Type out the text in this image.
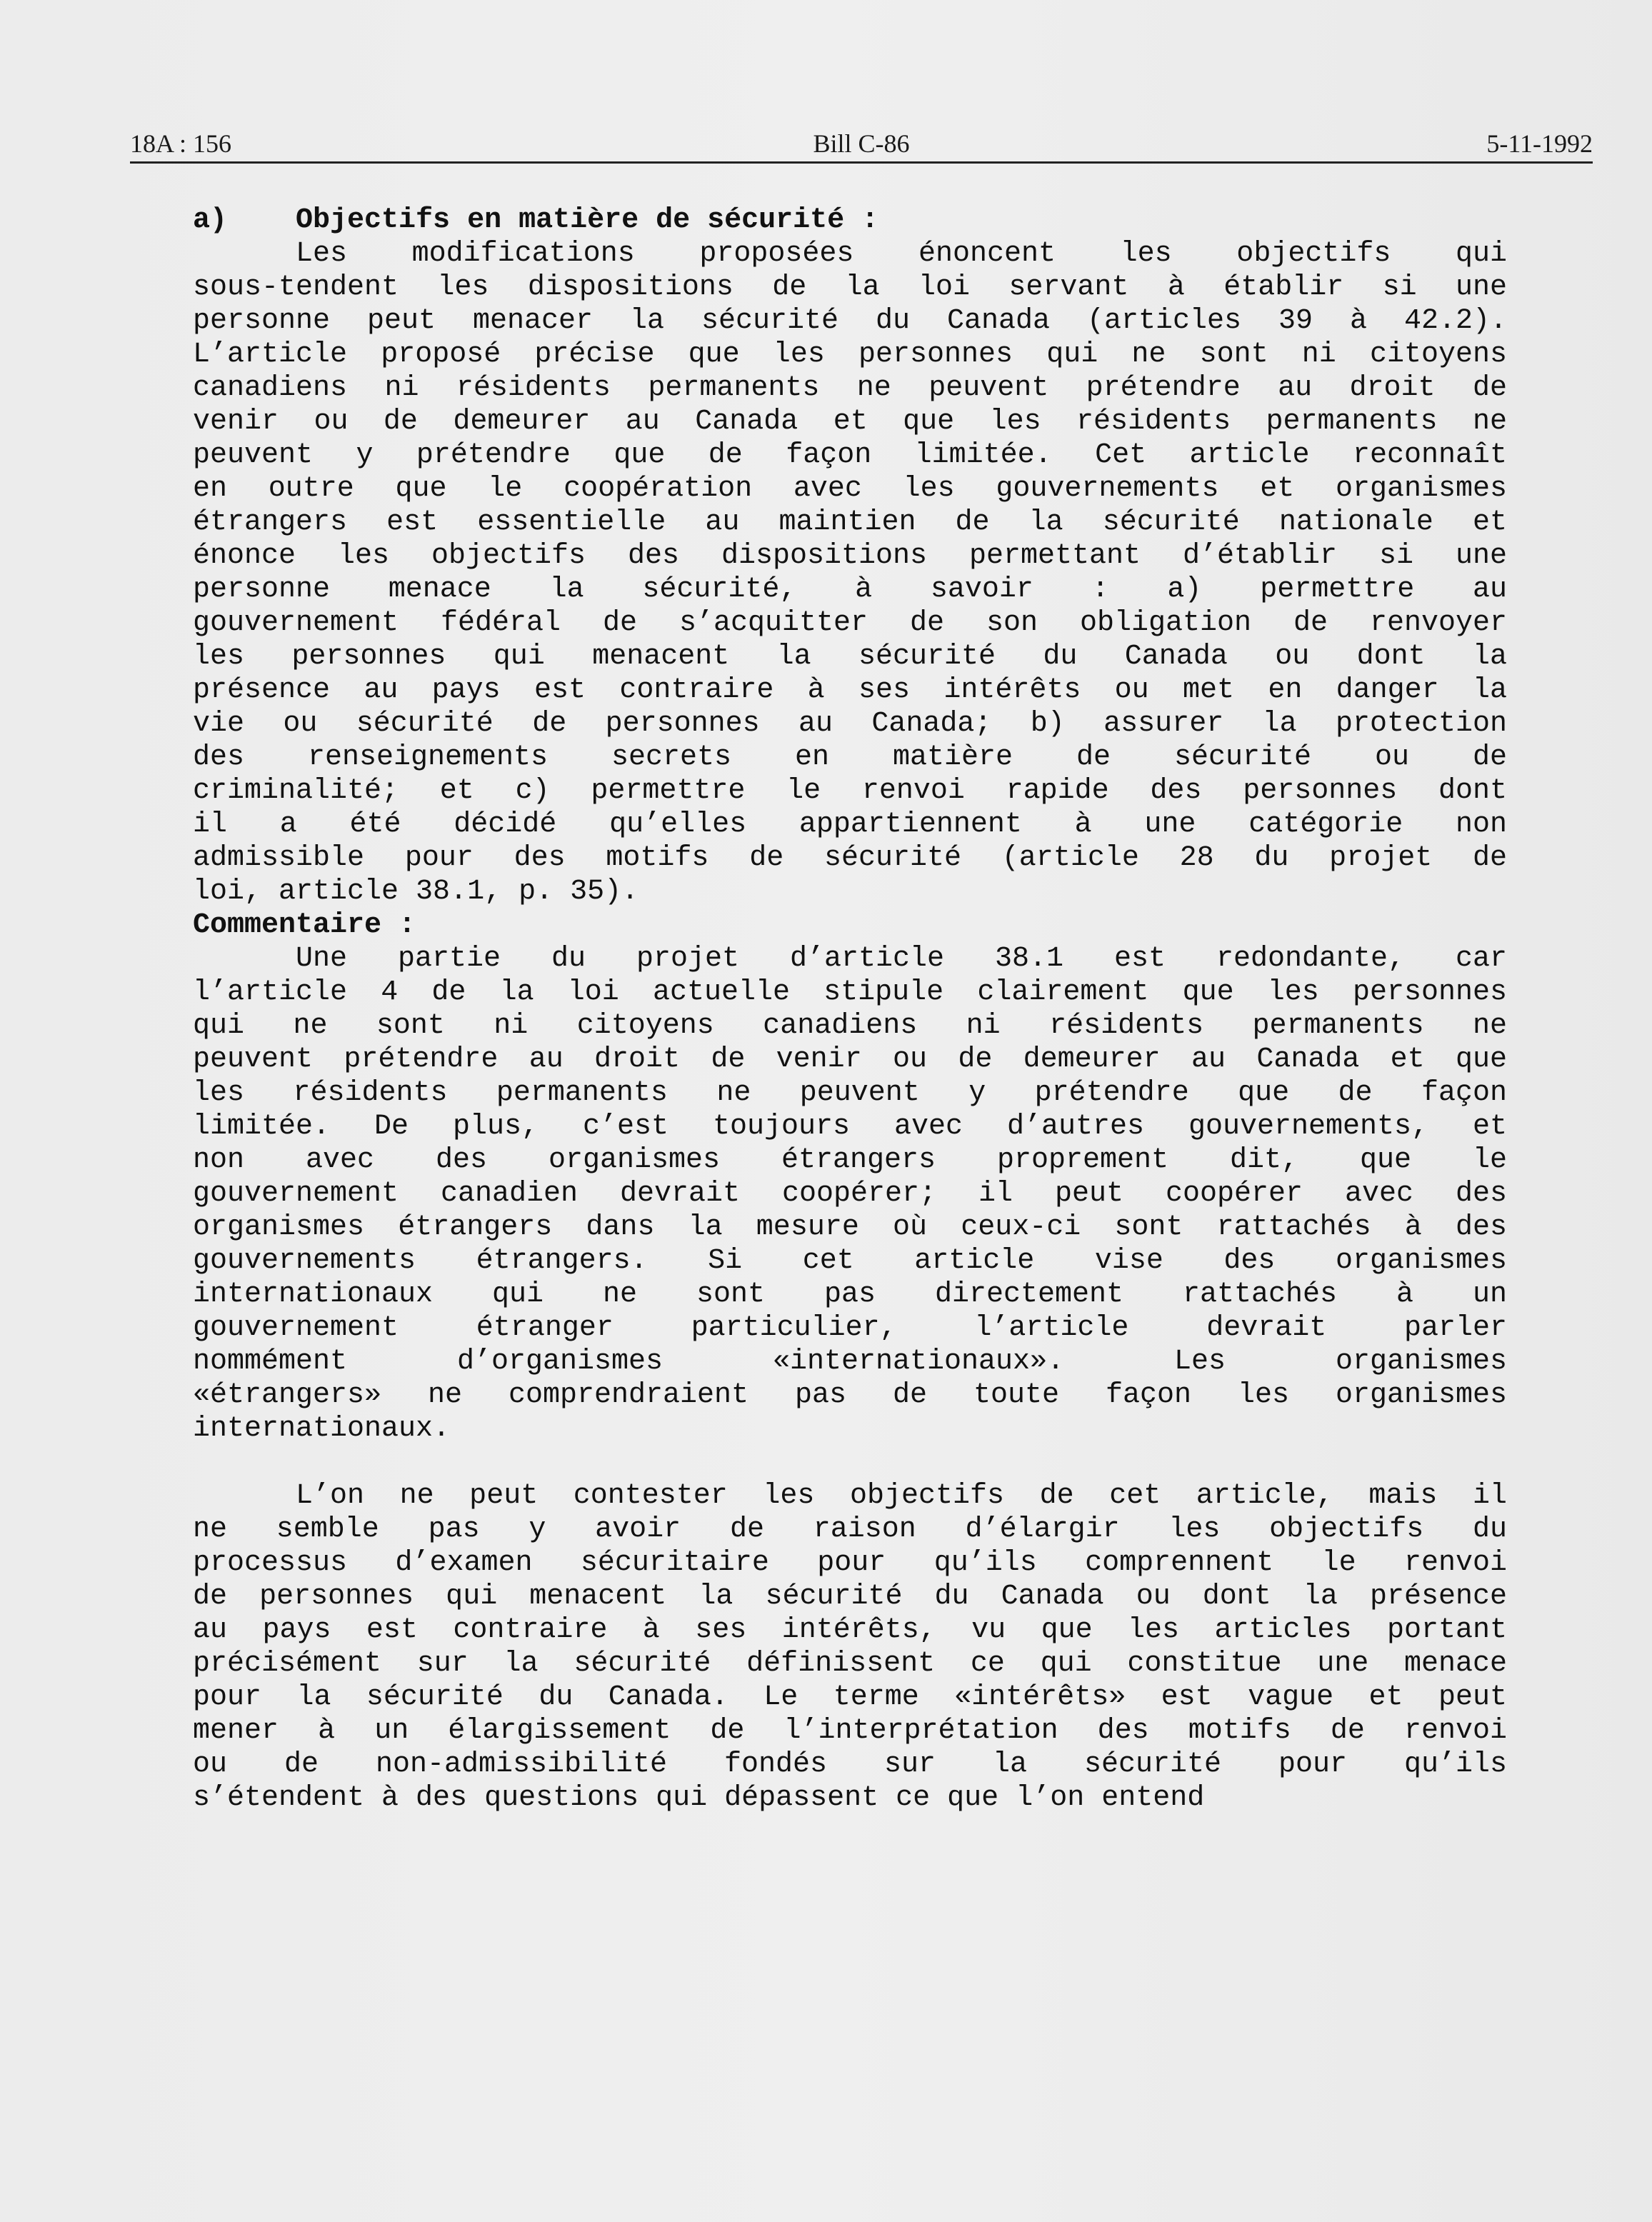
18A : 156	Bill C-86	5-11-1992
a)    Objectifs en matière de sécurité :
Les modifications proposées énoncent les objectifs qui
sous-tendent les dispositions de la loi servant à établir si une
personne peut menacer la sécurité du Canada (articles 39 à 42.2).
L’article proposé précise que les personnes qui ne sont ni citoyens
canadiens ni résidents permanents ne peuvent prétendre au droit de
venir ou de demeurer au Canada et que les résidents permanents ne
peuvent y prétendre que de façon limitée. Cet article reconnaît
en outre que le coopération avec les gouvernements et organismes
étrangers est essentielle au maintien de la sécurité nationale et
énonce les objectifs des dispositions permettant d’établir si une
personne menace la sécurité, à savoir : a) permettre au
gouvernement fédéral de s’acquitter de son obligation de renvoyer
les personnes qui menacent la sécurité du Canada ou dont la
présence au pays est contraire à ses intérêts ou met en danger la
vie ou sécurité de personnes au Canada; b) assurer la protection
des renseignements secrets en matière de sécurité ou de
criminalité; et c) permettre le renvoi rapide des personnes dont
il a été décidé qu’elles appartiennent à une catégorie non
admissible pour des motifs de sécurité (article 28 du projet de
loi, article 38.1, p. 35).
Commentaire :
Une partie du projet d’article 38.1 est redondante, car
l’article 4 de la loi actuelle stipule clairement que les personnes
qui ne sont ni citoyens canadiens ni résidents permanents ne
peuvent prétendre au droit de venir ou de demeurer au Canada et que
les résidents permanents ne peuvent y prétendre que de façon
limitée. De plus, c’est toujours avec d’autres gouvernements, et
non avec des organismes étrangers proprement dit, que le
gouvernement canadien devrait coopérer; il peut coopérer avec des
organismes étrangers dans la mesure où ceux-ci sont rattachés à des
gouvernements étrangers. Si cet article vise des organismes
internationaux qui ne sont pas directement rattachés à un
gouvernement étranger particulier, l’article devrait parler
nommément d’organismes «internationaux». Les organismes
«étrangers» ne comprendraient pas de toute façon les organismes
internationaux.
L’on ne peut contester les objectifs de cet article, mais il
ne semble pas y avoir de raison d’élargir les objectifs du
processus d’examen sécuritaire pour qu’ils comprennent le renvoi
de personnes qui menacent la sécurité du Canada ou dont la présence
au pays est contraire à ses intérêts, vu que les articles portant
précisément sur la sécurité définissent ce qui constitue une menace
pour la sécurité du Canada. Le terme «intérêts» est vague et peut
mener à un élargissement de l’interprétation des motifs de renvoi
ou de non-admissibilité fondés sur la sécurité pour qu’ils
s’étendent à des questions qui dépassent ce que l’on entend
